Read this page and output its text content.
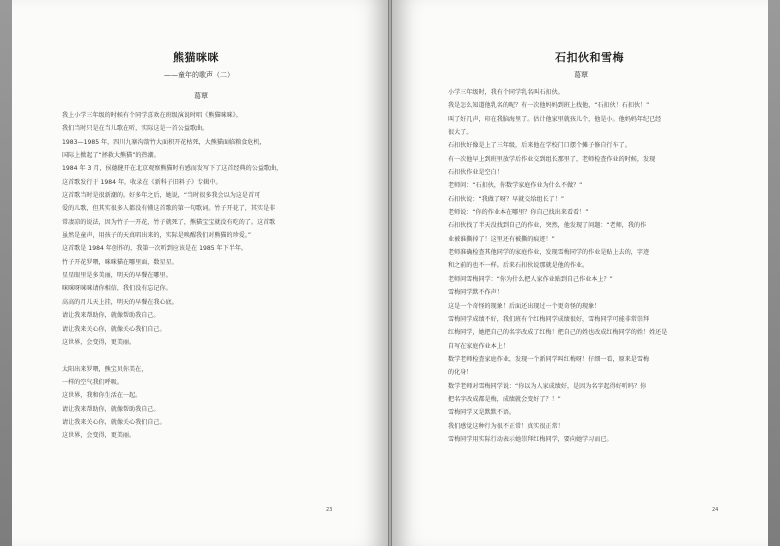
熊猫咪咪
——童年的歌声（二）
葛覃
我上小学三年级的时候有个同学喜欢在班级演说时唱《熊猫咪咪》。
我们当时只是在当儿歌在听，实际这是一首公益歌曲。
1983—1985 年，四川九寨沟箭竹大面积开花枯死，大熊猫面临粮食危机，
国际上掀起了“拯救大熊猫”的热潮。
1984 年 3 月，侯德健开在北京观察熊猫时有感而发写下了这首经典的公益歌曲，
这首歌发行于 1984 年，收录在《新科子旧料子》专辑中。
这首歌当时是很新潮的。好多年之后，她说，“当时很多我会以为这是首可
爱的儿歌，但其实很多人都没有懂这首歌的第一句歌词。竹子开花了，其实是非
常凄凉的说法，因为竹子一开花，竹子就死了，熊猫宝宝就没有吃的了。这首歌
虽然是童声，用孩子的天真唱出来的，实际是唤醒我们对熊猫的珍爱。”
这首歌是 1984 年创作的，我第一次听到应该是在 1985 年下半年。
竹子开花罗喂，咪咪猫在哪里面，数星星。
星星眼里是多美丽，明天的早餐在哪里。
咪咪呀咪咪请你相信，我们没有忘记你。
高高的月儿天上挂，明天的早餐在我心底。
请让我来帮助你，就像帮助我自己。
请让我来关心你，就像关心我们自己。
这世界，会变得，更美丽。
太阳出来罗喂，熊宝贝你美在，
一样的空气我们呼吸。
这世界，我和你生活在一起。
请让我来帮助你，就像帮助我自己。
请让我来关心你，就像关心我们自己。
这世界，会变得，更美丽。
23
石扣伙和雪梅
葛覃
小学三年级时，我有个同学乳名叫石扣伙。
我是怎么知道他乳名的呢？有一次他妈妈到班上找他，“石扣伙！石扣伙！”
叫了好几声，印在我脑海里了。估计他家里就孩儿个，他是小。他妈妈年纪已经
很大了。
石扣伙好像是上了三年级，后来他在学校门口摆个摊子修自行车了。
有一次他早上到班里放学后作业交到组长那里了，老师检查作业的时候，发现
石扣伙作业是空白！
老师问：“石扣伙，你数学家庭作业为什么不做？”
石扣伙说：“我做了呀？早就交给组长了！”
老师说：“你的作业本在哪里？你自己找出来看看！”
石扣伙找了半天没找到自己的作业，突然，他发现了问题：“老师，我的作
业被谁撕掉了！这里还有被撕的痕迹！”
老师准确检查其他同学的家庭作业，发现雪梅同学的作业是贴上去的，字迹
和之前的也不一样。后来石扣伙说那就是他的作业。
老师问雪梅同学：“你为什么把人家作业贴到自己作业本上？”
雪梅同学默不作声！
这是一个奇怪的现象！后面还出现过一个更奇怪的现象！
雪梅同学成绩不好，我们班有个红梅同学成绩很好，雪梅同学可能非常崇拜
红梅同学，她把自己的名字改成了红梅！把自己的姓也改成红梅同学的姓！姓还是
自写在家庭作业本上！
数学老师检查家庭作业，发现一个新同学叫红梅呀！仔细一看，原来是雪梅
的化身！
数学老师对雪梅同学说：“你以为人家成绩好，是因为名字起得好听吗？你
把名字改成都是梅，成绩就会变好了？！”
雪梅同学又是默默不语。
我们感觉这种行为很不正常！真实很正常！
雪梅同学用实际行动表示她崇拜红梅同学，要向她学习而已。
24
